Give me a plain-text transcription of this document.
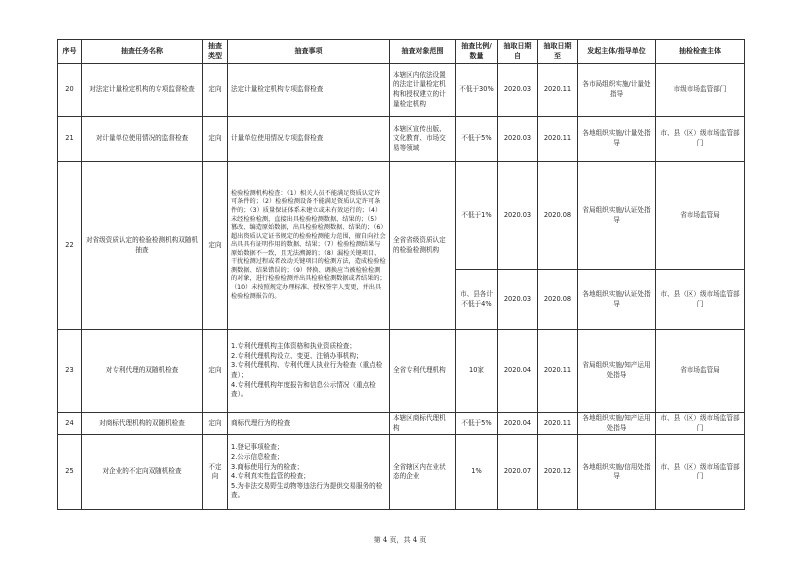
序号	抽查任务名称	抽查类型	抽查事项	抽查对象范围	抽查比例/数量	抽取日期自	抽取日期至	发起主体/指导单位	抽检检查主体
20	对法定计量检定机构的专项监督检查	定向	法定计量检定机构专项监督检查	本辖区内依法设置的法定计量检定机构和授权建立的计量检定机构	不低于30%	2020.03	2020.11	各市局组织实施/计量处指导	市级市场监管部门
21	对计量单位使用情况的监督检查	定向	计量单位使用情况专项监督检查	本辖区宣传出版、文化教育、市场交易等领域	不低于5%	2020.03	2020.11	各地组织实施/计量处指导	市、县（区）级市场监管部门
22	对省级资质认定的检验检测机构双随机抽查	定向	检验检测机构检查：（1）相关人员不能满足资质认定许可条件的；（2）检验检测设备不能满足资质认定许可条件的；（3）质量保证体系未建立或未有效运行的；（4）未经检验检测，直接出具检验检测数据、结果的；（5）篡改、编造原始数据，出具检验检测数据、结果的；（6）超出资质认定证书规定的检验检测能力范围，擅自向社会出具具有证明作用的数据、结果；（7）检验检测结果与原始数据不一致，且无法溯源的；（8）漏检关键项目、干扰检测过程或者改动关键项目的检测方法，造成检验检测数据、结果错误的；（9）替换、调换应当被检验检测的对象，进行检验检测并出具检验检测数据或者结果的；（10）未按照规定办理标准、授权签字人变更，并出具检验检测报告的。	全省省级资质认定的检验检测机构	不低于1%	2020.03	2020.08	省局组织实施/认证处指导	省市场监管局
					市、县各计不低于4%	2020.03	2020.08	各地组织实施/认证处指导	市、县（区）级市场监管部门
23	对专利代理的双随机检查	定向	1.专利代理机构主体资格和执业资质检查；
2.专利代理机构设立、变更、注销办事机构；
3.专利代理机构、专利代理人执业行为检查（重点检查）；
4.专利代理机构年度报告和信息公示情况（重点检查）。	全省专利代理机构	10家	2020.04	2020.11	省局组织实施/知产运用处指导	省市场监管局
24	对商标代理机构的双随机检查	定向	商标代理行为的检查	本辖区商标代理机构	不低于5%	2020.04	2020.11	各地组织实施/知产运用处指导	市、县（区）级市场监管部门
25	对企业的不定向双随机检查	不定向	1.登记事项检查；
2.公示信息检查；
3.商标使用行为的检查；
4.专利真实性监管的检查；
5.为非法交易野生动物等违法行为提供交易服务的检查。	全省辖区内在业状态的企业	1%	2020.07	2020.12	各地组织实施/信用处指导	市、县（区）级市场监管部门
第 4 页，共 4 页
